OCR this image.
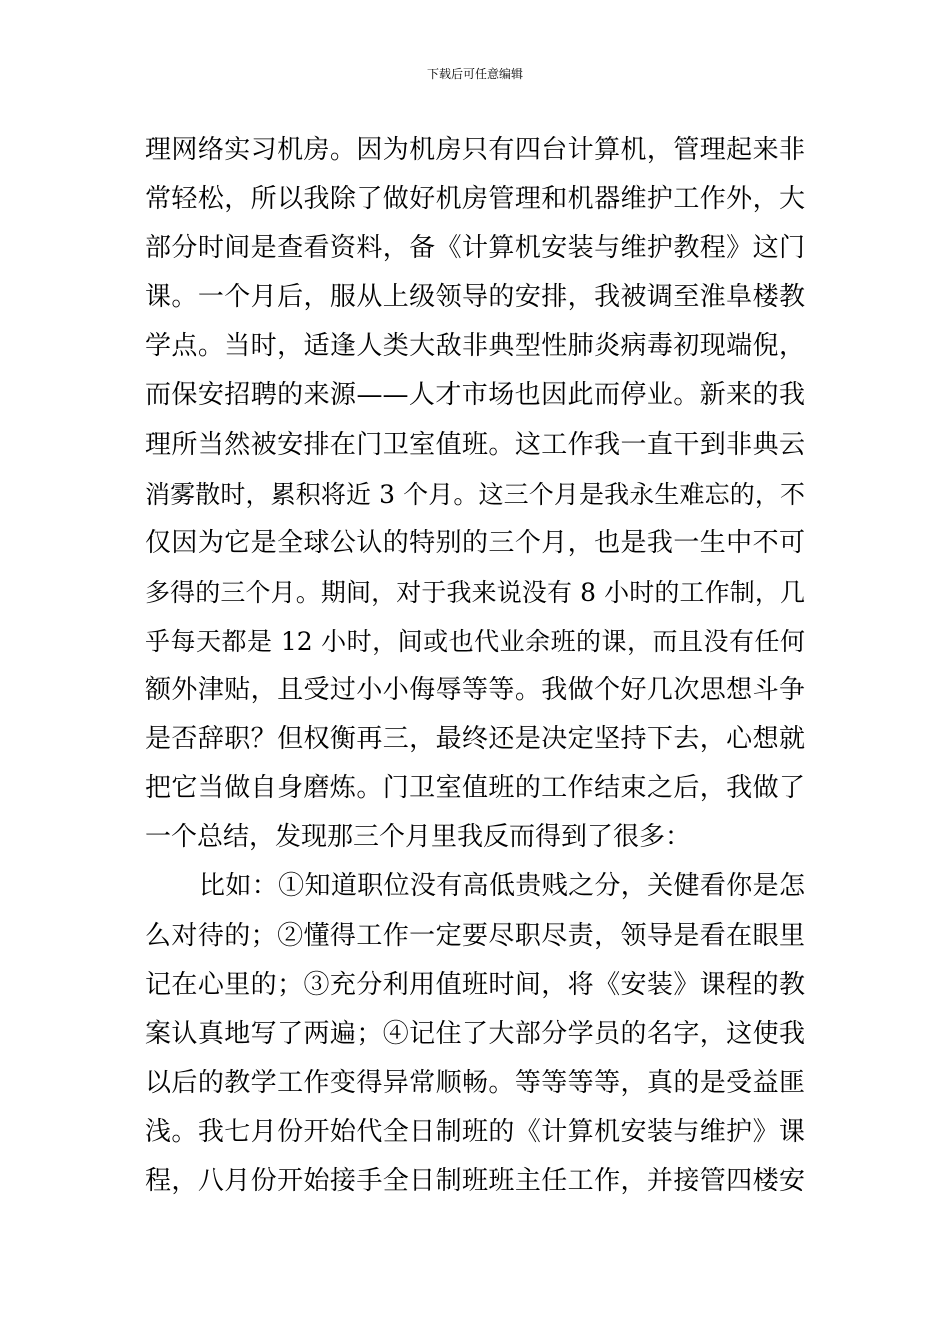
下载后可任意编辑
理网络实习机房。因为机房只有四台计算机，管理起来非
常轻松，所以我除了做好机房管理和机器维护工作外，大
部分时间是查看资料，备《计算机安装与维护教程》这门
课。一个月后，服从上级领导的安排，我被调至淮阜楼教
学点。当时，适逢人类大敌非典型性肺炎病毒初现端倪，
而保安招聘的来源——人才市场也因此而停业。新来的我
理所当然被安排在门卫室值班。这工作我一直干到非典云
消雾散时，累积将近 3 个月。这三个月是我永生难忘的，不
仅因为它是全球公认的特别的三个月，也是我一生中不可
多得的三个月。期间，对于我来说没有 8 小时的工作制，几
乎每天都是 12 小时，间或也代业余班的课，而且没有任何
额外津贴，且受过小小侮辱等等。我做个好几次思想斗争
是否辞职？但权衡再三，最终还是决定坚持下去，心想就
把它当做自身磨炼。门卫室值班的工作结束之后，我做了
一个总结，发现那三个月里我反而得到了很多：
比如：①知道职位没有高低贵贱之分，关健看你是怎
么对待的；②懂得工作一定要尽职尽责，领导是看在眼里
记在心里的；③充分利用值班时间，将《安装》课程的教
案认真地写了两遍；④记住了大部分学员的名字，这使我
以后的教学工作变得异常顺畅。等等等等，真的是受益匪
浅。我七月份开始代全日制班的《计算机安装与维护》课
程，八月份开始接手全日制班班主任工作，并接管四楼安
